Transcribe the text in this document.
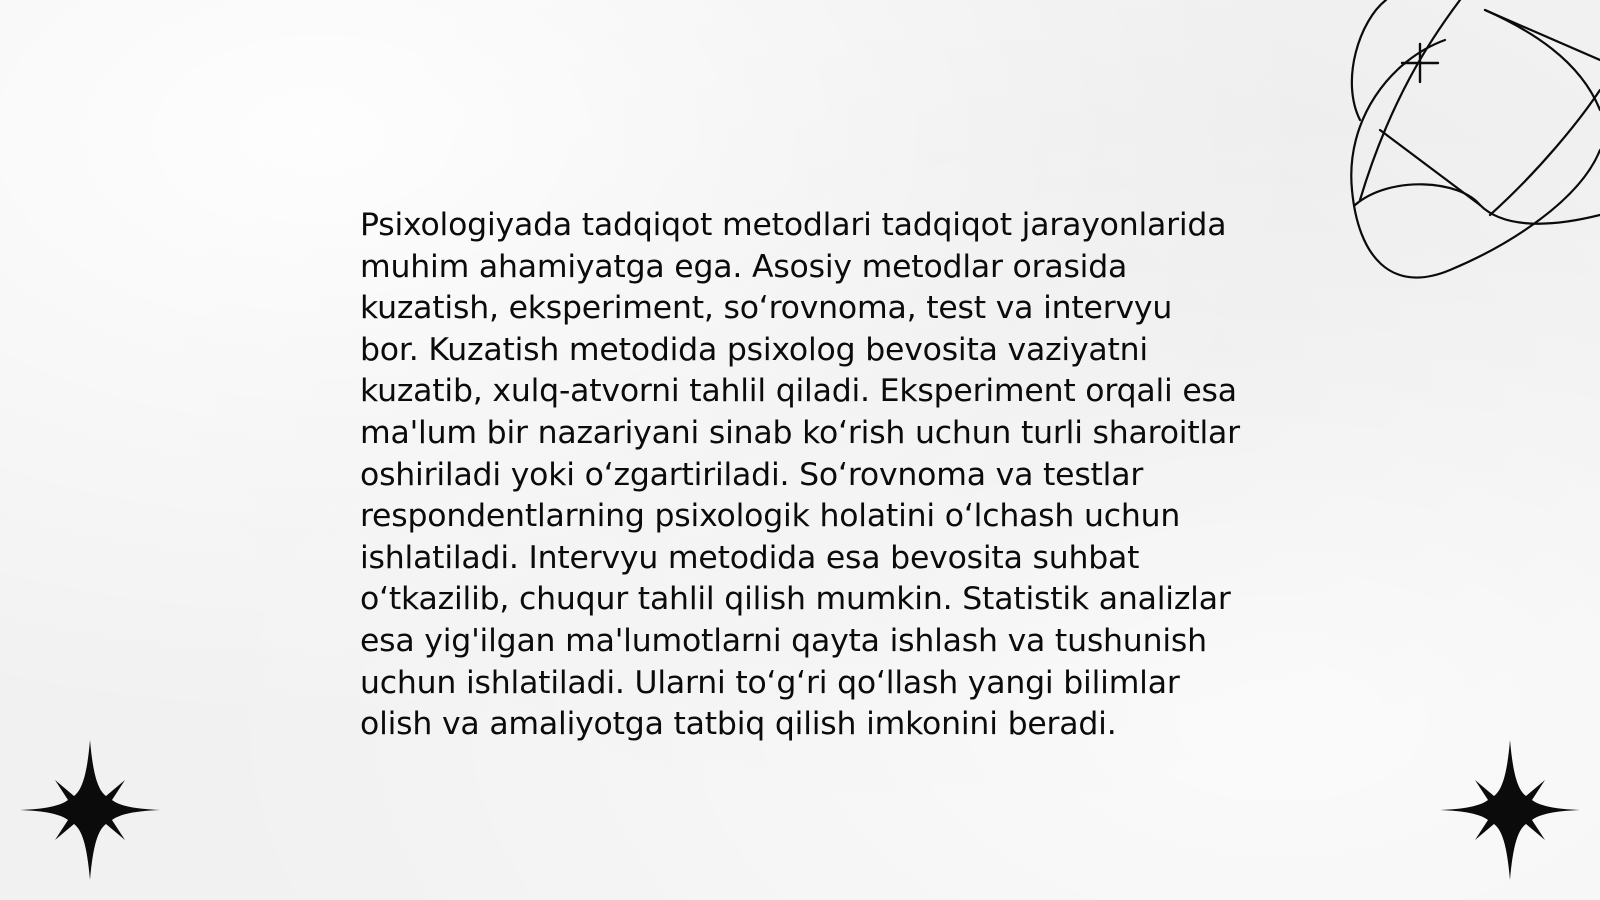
Psixologiyada tadqiqot metodlari tadqiqot jarayonlarida muhim ahamiyatga ega. Asosiy metodlar orasida kuzatish, eksperiment, so‘rovnoma, test va intervyu bor. Kuzatish metodida psixolog bevosita vaziyatni kuzatib, xulq-atvorni tahlil qiladi. Eksperiment orqali esa ma'lum bir nazariyani sinab ko‘rish uchun turli sharoitlar oshiriladi yoki o‘zgartiriladi. So‘rovnoma va testlar respondentlarning psixologik holatini o‘lchash uchun ishlatiladi. Intervyu metodida esa bevosita suhbat o‘tkazilib, chuqur tahlil qilish mumkin. Statistik analizlar esa yig'ilgan ma'lumotlarni qayta ishlash va tushunish uchun ishlatiladi. Ularni to‘g‘ri qo‘llash yangi bilimlar olish va amaliyotga tatbiq qilish imkonini beradi.
